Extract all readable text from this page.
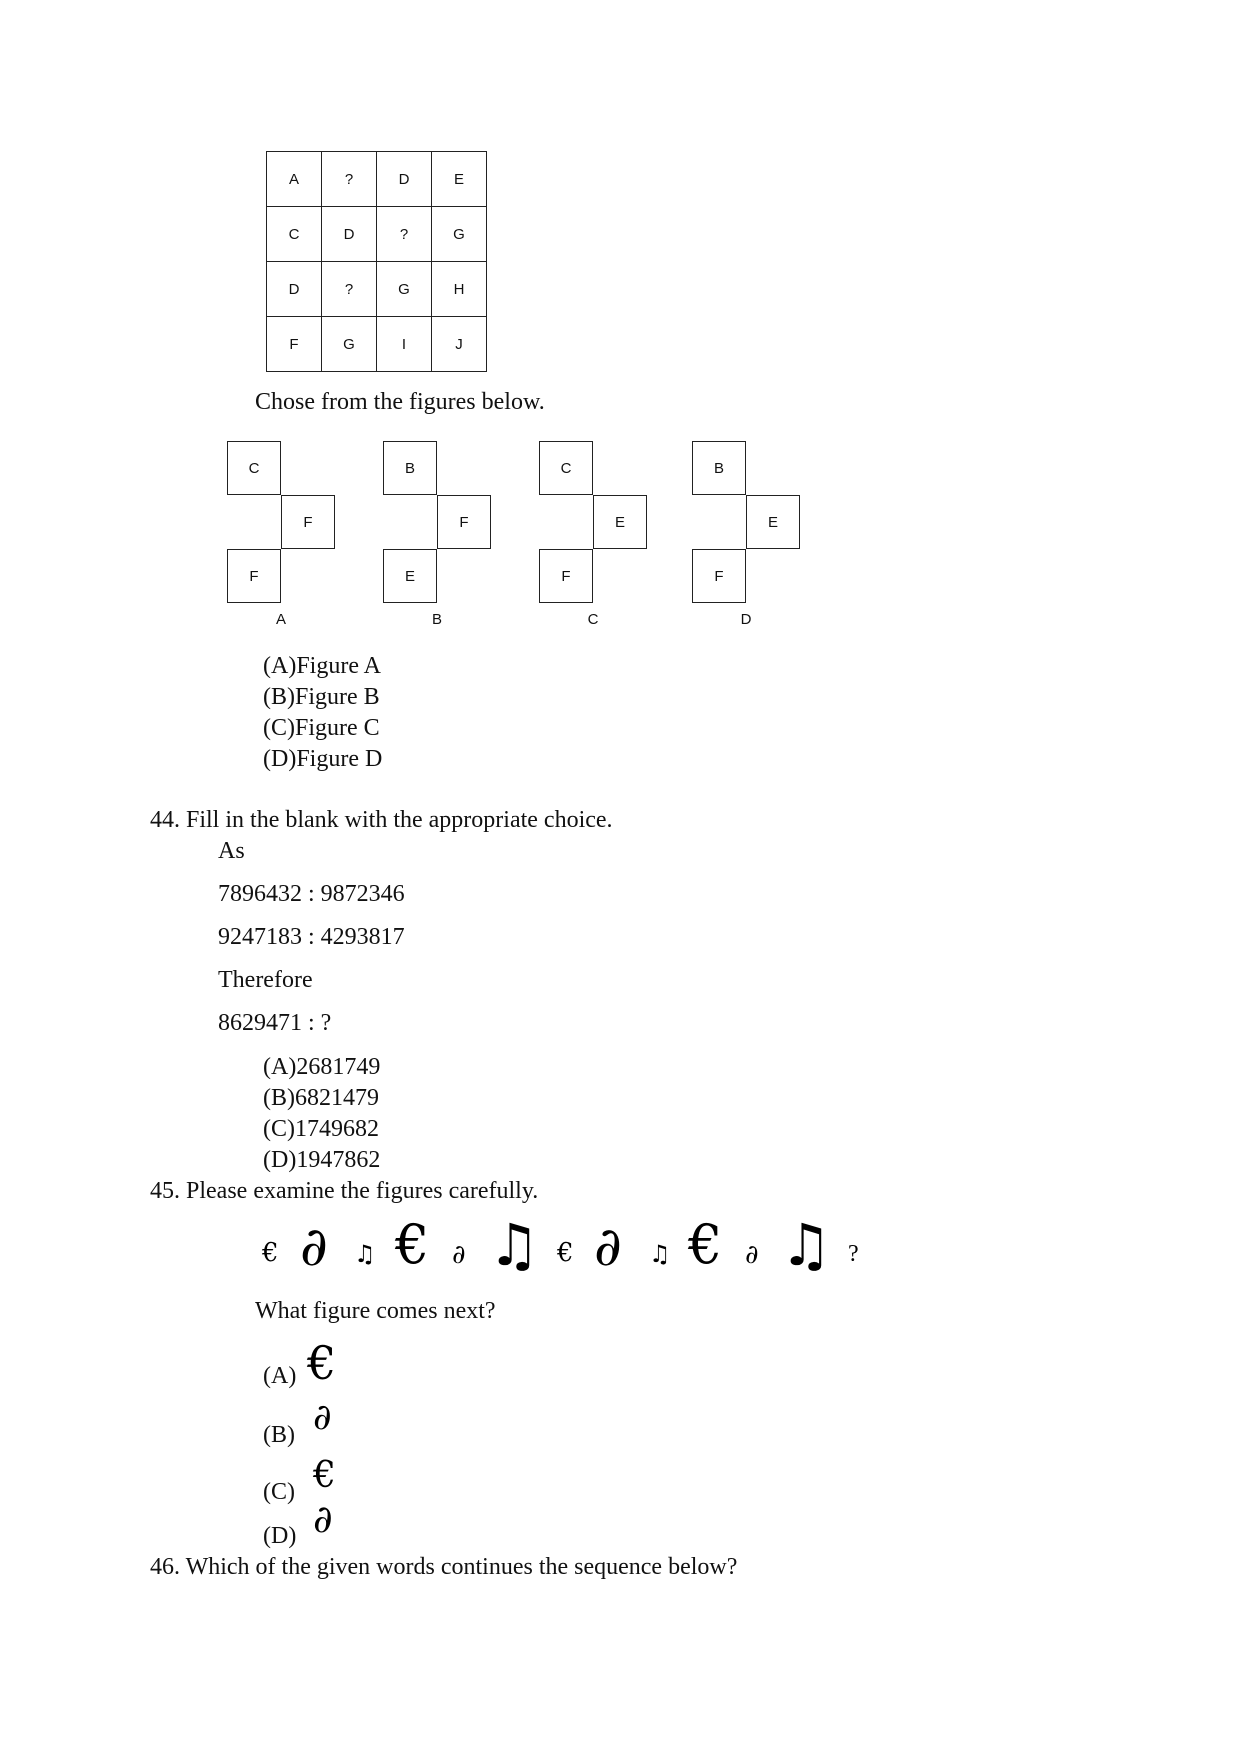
A	?	D	E
C	D	?	G
D	?	G	H
F	G	I	J
Chose from the figures below.
C
F
F
A
B
F
E
B
C
E
F
C
B
E
F
D
(A)Figure A
(B)Figure B
(C)Figure C
(D)Figure D
44. Fill in the blank with the appropriate choice.
As
7896432 : 9872346
9247183 : 4293817
Therefore
8629471 : ?
(A)2681749
(B)6821479
(C)1749682
(D)1947862
45. Please examine the figures carefully.
€ ∂ ♫ € ∂ ♫ € ∂ ♫ € ∂ ♫ ?
What figure comes next?
(A) €
(B) ∂
(C) €
(D) ∂
46. Which of the given words continues the sequence below?
